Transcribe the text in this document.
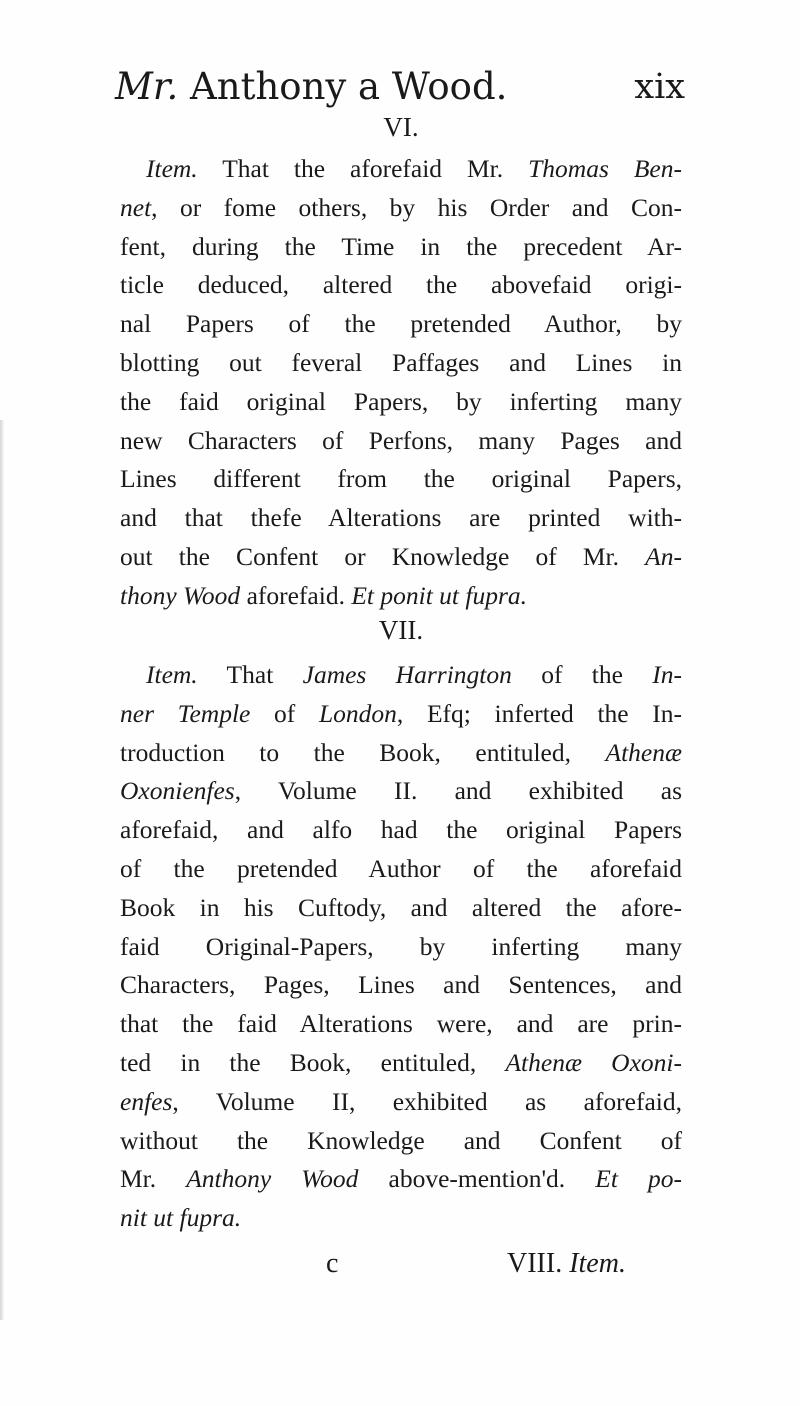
Mr. Anthony a Wood.	xix
VI.
Item. That the aforefaid Mr. Thomas Ben-
net, or fome others, by his Order and Con-
fent, during the Time in the precedent Ar-
ticle deduced, altered the abovefaid origi-
nal Papers of the pretended Author, by
blotting out feveral Paffages and Lines in
the faid original Papers, by inferting many
new Characters of Perfons, many Pages and
Lines different from the original Papers,
and that thefe Alterations are printed with-
out the Confent or Knowledge of Mr. An-
thony Wood aforefaid. Et ponit ut fupra.
VII.
Item. That James Harrington of the In-
ner Temple of London, Efq; inferted the In-
troduction to the Book, entituled, Athenæ
Oxonienfes, Volume II. and exhibited as
aforefaid, and alfo had the original Papers
of the pretended Author of the aforefaid
Book in his Cuftody, and altered the afore-
faid Original-Papers, by inferting many
Characters, Pages, Lines and Sentences, and
that the faid Alterations were, and are prin-
ted in the Book, entituled, Athenæ Oxoni-
enfes, Volume II, exhibited as aforefaid,
without the Knowledge and Confent of
Mr. Anthony Wood above-mention'd. Et po-
nit ut fupra.
c	VIII. Item.
